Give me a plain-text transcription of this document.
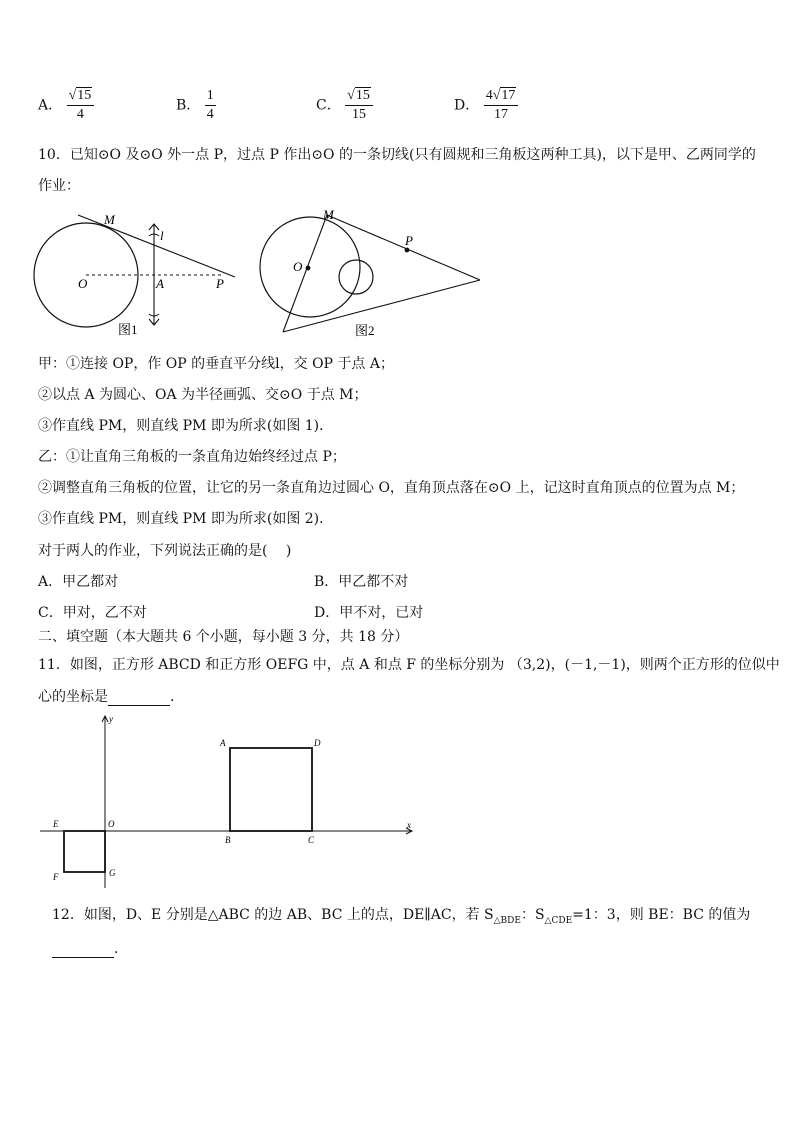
A． $\frac{√15}{4}$	B． $\frac{1}{4}$	C． $\frac{√15}{15}$	D． $\frac{4√17}{17}$
10．已知⊙O 及⊙O 外一点 P，过点 P 作出⊙O 的一条切线(只有圆规和三角板这两种工具)，以下是甲、乙两同学的
作业：
M
l
O	A	P
图1
M
P
O
图2
甲：①连接 OP，作 OP 的垂直平分线l，交 OP 于点 A；
②以点 A 为圆心、OA 为半径画弧、交⊙O 于点 M；
③作直线 PM，则直线 PM 即为所求(如图 1)．
乙：①让直角三角板的一条直角边始终经过点 P；
②调整直角三角板的位置，让它的另一条直角边过圆心 O，直角顶点落在⊙O 上，记这时直角顶点的位置为点 M；
③作直线 PM，则直线 PM 即为所求(如图 2)．
对于两人的作业，下列说法正确的是(　 )
A．甲乙都对	B．甲乙都不对
C．甲对，乙不对	D．甲不对，已对
二、填空题（本大题共 6 个小题，每小题 3 分，共 18 分）
11．如图，正方形 ABCD 和正方形 OEFG 中，点 A 和点 F 的坐标分别为 （3,2)，(－1,－1)，则两个正方形的位似中
心的坐标是	．
y
x
O
A	D
B	C
E
F	G
12．如图，D、E 分别是△ABC 的边 AB、BC 上的点，DE∥AC，若 $S_{\triangle BDE}$：$S_{\triangle CDE}=1$：3，则 BE：BC 的值为
．
